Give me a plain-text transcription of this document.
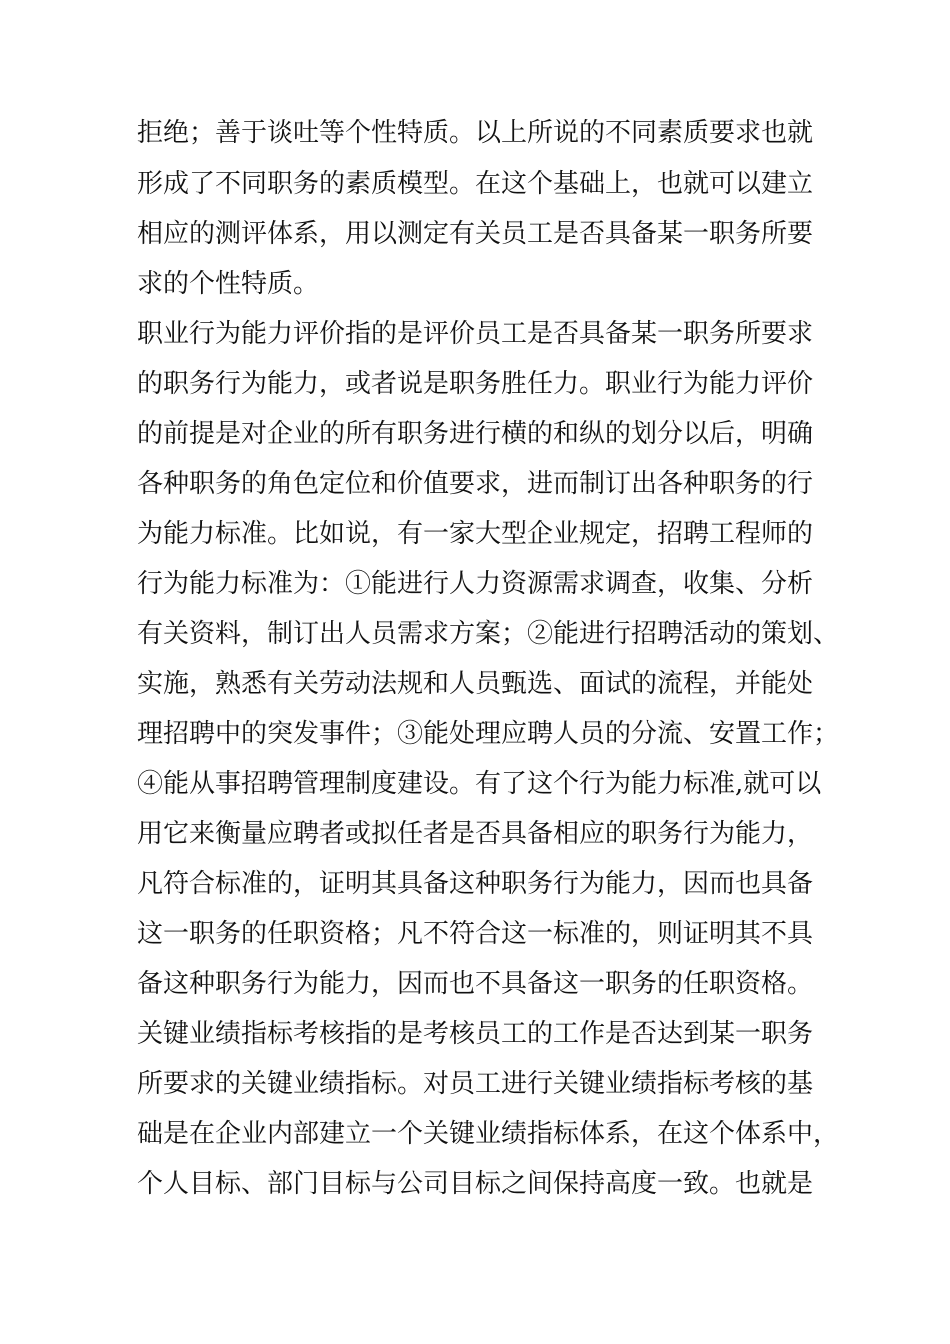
拒绝；善于谈吐等个性特质。以上所说的不同素质要求也就
形成了不同职务的素质模型。在这个基础上，也就可以建立
相应的测评体系，用以测定有关员工是否具备某一职务所要
求的个性特质。
职业行为能力评价指的是评价员工是否具备某一职务所要求
的职务行为能力，或者说是职务胜任力。职业行为能力评价
的前提是对企业的所有职务进行横的和纵的划分以后，明确
各种职务的角色定位和价值要求，进而制订出各种职务的行
为能力标准。比如说，有一家大型企业规定，招聘工程师的
行为能力标准为：①能进行人力资源需求调查，收集、分析
有关资料，制订出人员需求方案；②能进行招聘活动的策划、
实施，熟悉有关劳动法规和人员甄选、面试的流程，并能处
理招聘中的突发事件；③能处理应聘人员的分流、安置工作；
④能从事招聘管理制度建设。有了这个行为能力标准,就可以
用它来衡量应聘者或拟任者是否具备相应的职务行为能力，
凡符合标准的，证明其具备这种职务行为能力，因而也具备
这一职务的任职资格；凡不符合这一标准的，则证明其不具
备这种职务行为能力，因而也不具备这一职务的任职资格。
关键业绩指标考核指的是考核员工的工作是否达到某一职务
所要求的关键业绩指标。对员工进行关键业绩指标考核的基
础是在企业内部建立一个关键业绩指标体系，在这个体系中，
个人目标、部门目标与公司目标之间保持高度一致。也就是
